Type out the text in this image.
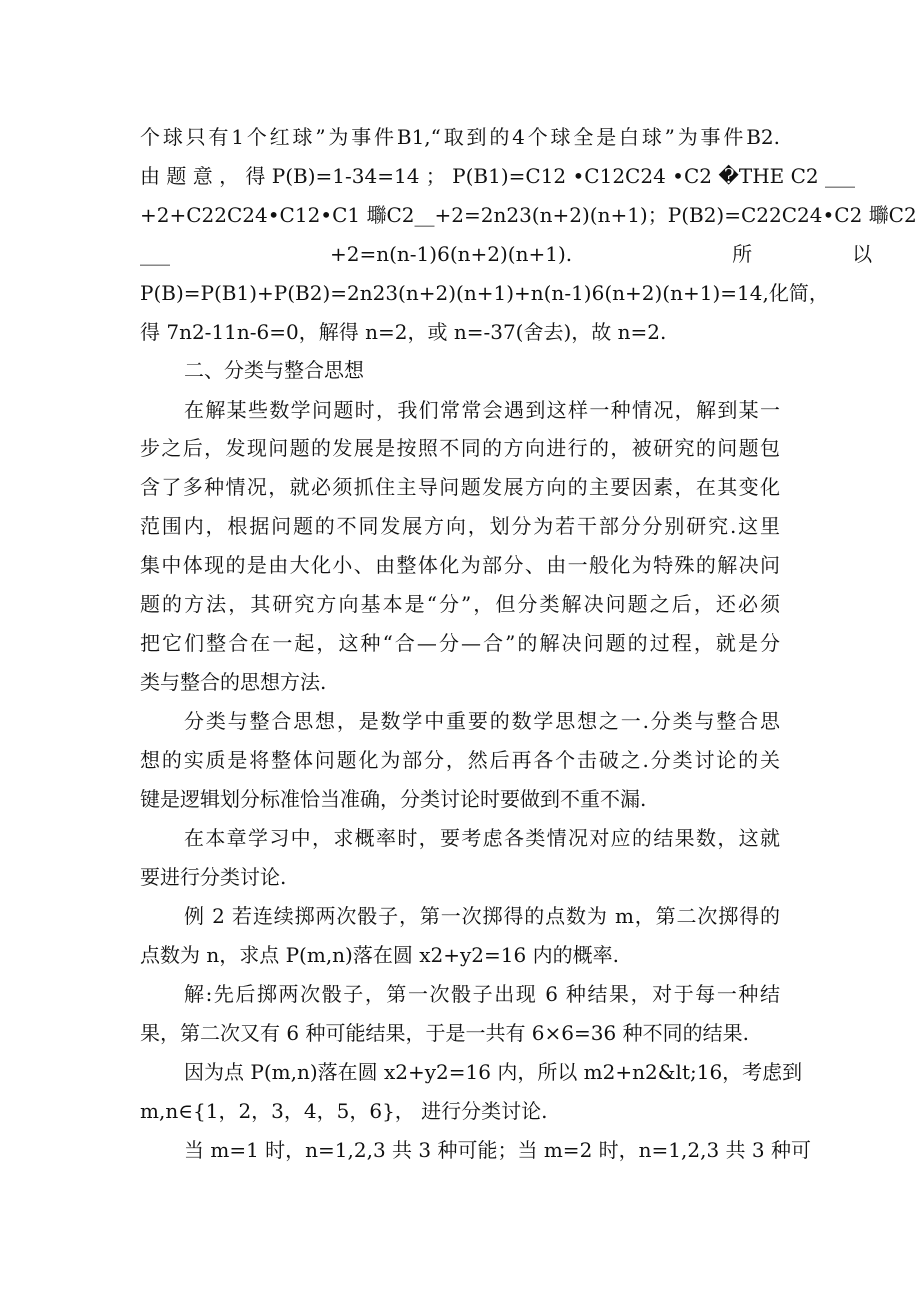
个球只有1个红球”为事件B1,“取到的4个球全是白球”为事件B2.
由 题 意 ， 得 P(B)=1-34=14 ； P(B1)=C12 •C12C24 •C2 �THE C2 ___
+2+C22C24•C12•C1 壣C2__+2=2n23(n+2)(n+1)；P(B2)=C22C24•C2 壣C2
___　　　　　　　　+2=n(n-1)6(n+2)(n+1).　　　　　　　　所　　　　　以
P(B)=P(B1)+P(B2)=2n23(n+2)(n+1)+n(n-1)6(n+2)(n+1)=14,化简，
得 7n2-11n-6=0，解得 n=2，或 n=-37(舍去)，故 n=2.
二、分类与整合思想
在解某些数学问题时，我们常常会遇到这样一种情况，解到某一
步之后，发现问题的发展是按照不同的方向进行的，被研究的问题包
含了多种情况，就必须抓住主导问题发展方向的主要因素，在其变化
范围内，根据问题的不同发展方向，划分为若干部分分别研究.这里
集中体现的是由大化小、由整体化为部分、由一般化为特殊的解决问
题的方法，其研究方向基本是“分”，但分类解决问题之后，还必须
把它们整合在一起，这种“合—分—合”的解决问题的过程，就是分
类与整合的思想方法.
分类与整合思想，是数学中重要的数学思想之一.分类与整合思
想的实质是将整体问题化为部分，然后再各个击破之.分类讨论的关
键是逻辑划分标准恰当准确，分类讨论时要做到不重不漏.
在本章学习中，求概率时，要考虑各类情况对应的结果数，这就
要进行分类讨论.
例 2 若连续掷两次骰子，第一次掷得的点数为 m，第二次掷得的
点数为 n，求点 P(m,n)落在圆 x2+y2=16 内的概率.
解:先后掷两次骰子，第一次骰子出现 6 种结果，对于每一种结
果，第二次又有 6 种可能结果，于是一共有 6×6=36 种不同的结果.
因为点 P(m,n)落在圆 x2+y2=16 内，所以 m2+n2&lt;16，考虑到
m,n∈{1，2，3，4，5，6}， 进行分类讨论.
当 m=1 时，n=1,2,3 共 3 种可能；当 m=2 时，n=1,2,3 共 3 种可
